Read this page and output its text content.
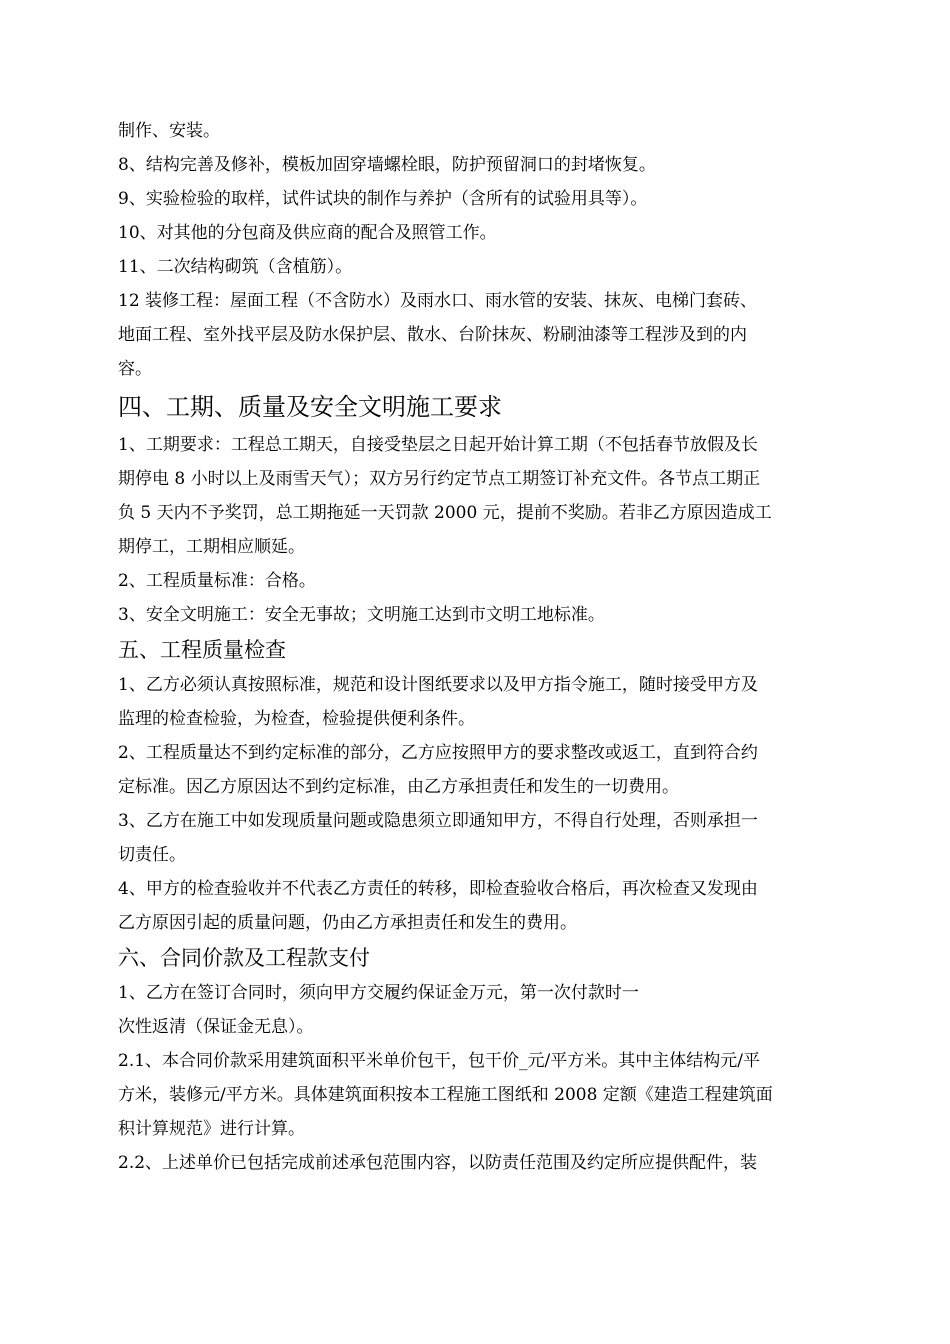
制作、安装。

8、结构完善及修补，模板加固穿墙螺栓眼，防护预留洞口的封堵恢复。

9、实验检验的取样，试件试块的制作与养护（含所有的试验用具等）。

10、对其他的分包商及供应商的配合及照管工作。

11、二次结构砌筑（含植筋）。

12 装修工程：屋面工程（不含防水）及雨水口、雨水管的安装、抹灰、电梯门套砖、

地面工程、室外找平层及防水保护层、散水、台阶抹灰、粉刷油漆等工程涉及到的内

容。

四、工期、质量及安全文明施工要求

1、工期要求：工程总工期天，自接受垫层之日起开始计算工期（不包括春节放假及长

期停电 8 小时以上及雨雪天气）；双方另行约定节点工期签订补充文件。各节点工期正

负 5 天内不予奖罚，总工期拖延一天罚款 2000 元，提前不奖励。若非乙方原因造成工

期停工，工期相应顺延。

2、工程质量标准：合格。

3、安全文明施工：安全无事故；文明施工达到市文明工地标准。

五、工程质量检查

1、乙方必须认真按照标准，规范和设计图纸要求以及甲方指令施工，随时接受甲方及

监理的检查检验，为检查，检验提供便利条件。

2、工程质量达不到约定标准的部分，乙方应按照甲方的要求整改或返工，直到符合约

定标准。因乙方原因达不到约定标准，由乙方承担责任和发生的一切费用。

3、乙方在施工中如发现质量问题或隐患须立即通知甲方，不得自行处理，否则承担一

切责任。

4、甲方的检查验收并不代表乙方责任的转移，即检查验收合格后，再次检查又发现由

乙方原因引起的质量问题，仍由乙方承担责任和发生的费用。

六、合同价款及工程款支付

1、乙方在签订合同时，须向甲方交履约保证金万元，第一次付款时一

次性返清（保证金无息）。

2.1、本合同价款采用建筑面积平米单价包干，包干价_元/平方米。其中主体结构元/平

方米，装修元/平方米。具体建筑面积按本工程施工图纸和 2008 定额《建造工程建筑面

积计算规范》进行计算。

2.2、上述单价已包括完成前述承包范围内容，以防责任范围及约定所应提供配件，装
